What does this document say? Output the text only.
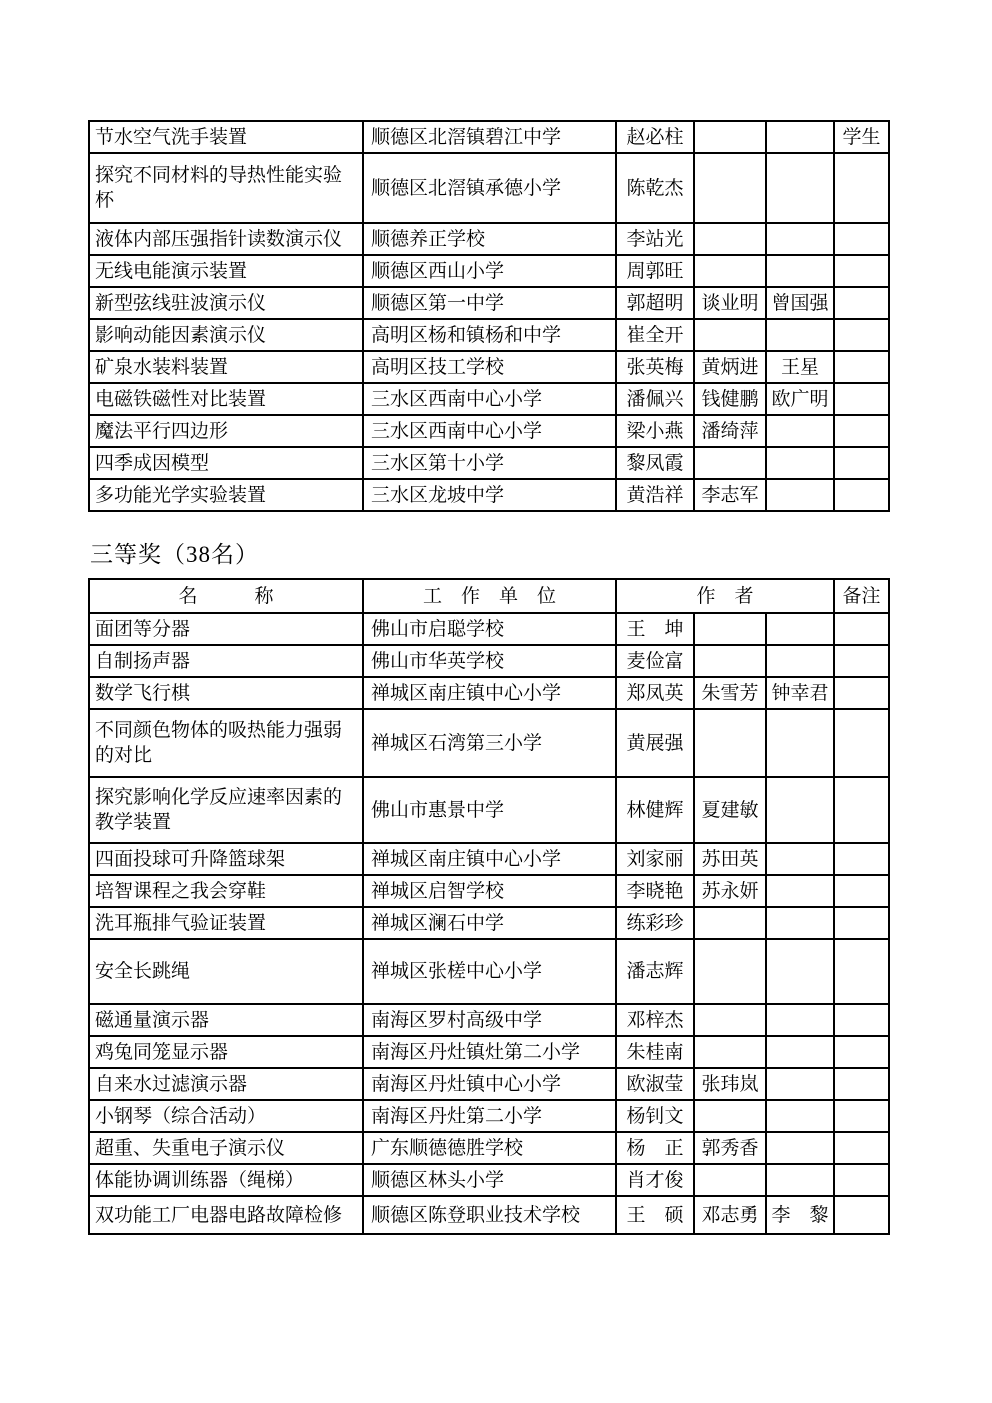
节水空气洗手装置	顺德区北滘镇碧江中学	赵必柱			学生
探究不同材料的导热性能实验杯	顺德区北滘镇承德小学	陈乾杰			
液体内部压强指针读数演示仪	顺德养正学校	李站光			
无线电能演示装置	顺德区西山小学	周郭旺			
新型弦线驻波演示仪	顺德区第一中学	郭超明	谈业明	曾国强	
影响动能因素演示仪	高明区杨和镇杨和中学	崔全开			
矿泉水装料装置	高明区技工学校	张英梅	黄炳进	王星	
电磁铁磁性对比装置	三水区西南中心小学	潘佩兴	钱健鹏	欧广明	
魔法平行四边形	三水区西南中心小学	梁小燕	潘绮萍		
四季成因模型	三水区第十小学	黎凤霞			
多功能光学实验装置	三水区龙坡中学	黄浩祥	李志军		
三等奖（38名）
名　　　称	工　作　单　位	作　者			备注
面团等分器	佛山市启聪学校	王　坤			
自制扬声器	佛山市华英学校	麦俭富			
数学飞行棋	禅城区南庄镇中心小学	郑凤英	朱雪芳	钟幸君	
不同颜色物体的吸热能力强弱的对比	禅城区石湾第三小学	黄展强			
探究影响化学反应速率因素的教学装置	佛山市惠景中学	林健辉	夏建敏		
四面投球可升降篮球架	禅城区南庄镇中心小学	刘家丽	苏田英		
培智课程之我会穿鞋	禅城区启智学校	李晓艳	苏永妍		
洗耳瓶排气验证装置	禅城区澜石中学	练彩珍			
安全长跳绳	禅城区张槎中心小学	潘志辉			
磁通量演示器	南海区罗村高级中学	邓梓杰			
鸡兔同笼显示器	南海区丹灶镇灶第二小学	朱桂南			
自来水过滤演示器	南海区丹灶镇中心小学	欧淑莹	张玮岚		
小钢琴（综合活动）	南海区丹灶第二小学	杨钊文			
超重、失重电子演示仪	广东顺德德胜学校	杨　正	郭秀香		
体能协调训练器（绳梯）	顺德区林头小学	肖才俊			
双功能工厂电器电路故障检修	顺德区陈登职业技术学校	王　硕	邓志勇	李　黎	
